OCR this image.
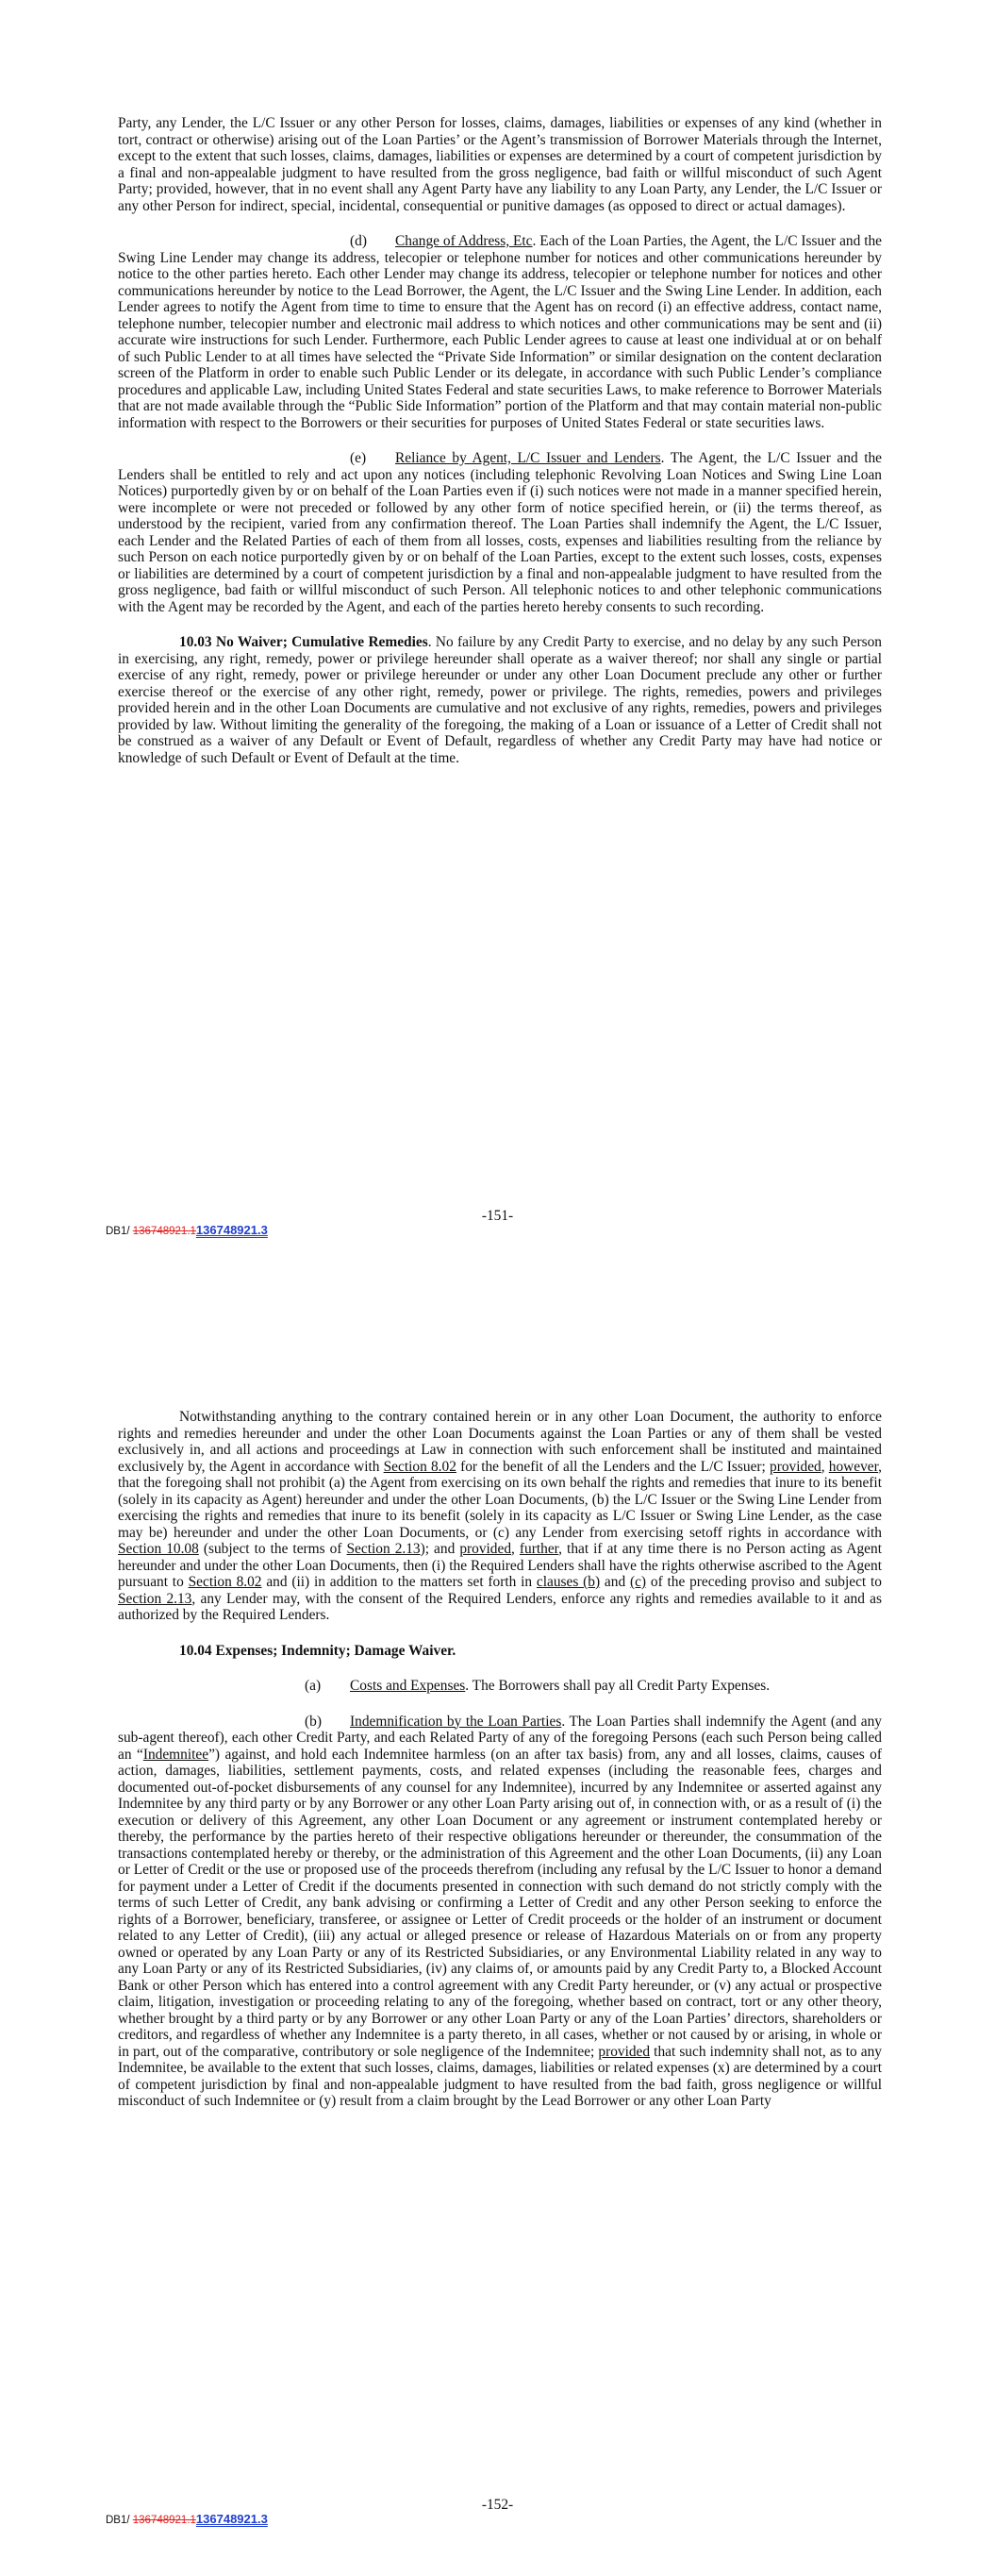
Party, any Lender, the L/C Issuer or any other Person for losses, claims, damages, liabilities or expenses of any kind (whether in tort, contract or otherwise) arising out of the Loan Parties’ or the Agent’s transmission of Borrower Materials through the Internet, except to the extent that such losses, claims, damages, liabilities or expenses are determined by a court of competent jurisdiction by a final and non-appealable judgment to have resulted from the gross negligence, bad faith or willful misconduct of such Agent Party; provided, however, that in no event shall any Agent Party have any liability to any Loan Party, any Lender, the L/C Issuer or any other Person for indirect, special, incidental, consequential or punitive damages (as opposed to direct or actual damages).

(d) Change of Address, Etc. Each of the Loan Parties, the Agent, the L/C Issuer and the Swing Line Lender may change its address, telecopier or telephone number for notices and other communications hereunder by notice to the other parties hereto. Each other Lender may change its address, telecopier or telephone number for notices and other communications hereunder by notice to the Lead Borrower, the Agent, the L/C Issuer and the Swing Line Lender. In addition, each Lender agrees to notify the Agent from time to time to ensure that the Agent has on record (i) an effective address, contact name, telephone number, telecopier number and electronic mail address to which notices and other communications may be sent and (ii) accurate wire instructions for such Lender. Furthermore, each Public Lender agrees to cause at least one individual at or on behalf of such Public Lender to at all times have selected the “Private Side Information” or similar designation on the content declaration screen of the Platform in order to enable such Public Lender or its delegate, in accordance with such Public Lender’s compliance procedures and applicable Law, including United States Federal and state securities Laws, to make reference to Borrower Materials that are not made available through the “Public Side Information” portion of the Platform and that may contain material non-public information with respect to the Borrowers or their securities for purposes of United States Federal or state securities laws.

(e) Reliance by Agent, L/C Issuer and Lenders. The Agent, the L/C Issuer and the Lenders shall be entitled to rely and act upon any notices (including telephonic Revolving Loan Notices and Swing Line Loan Notices) purportedly given by or on behalf of the Loan Parties even if (i) such notices were not made in a manner specified herein, were incomplete or were not preceded or followed by any other form of notice specified herein, or (ii) the terms thereof, as understood by the recipient, varied from any confirmation thereof. The Loan Parties shall indemnify the Agent, the L/C Issuer, each Lender and the Related Parties of each of them from all losses, costs, expenses and liabilities resulting from the reliance by such Person on each notice purportedly given by or on behalf of the Loan Parties, except to the extent such losses, costs, expenses or liabilities are determined by a court of competent jurisdiction by a final and non-appealable judgment to have resulted from the gross negligence, bad faith or willful misconduct of such Person. All telephonic notices to and other telephonic communications with the Agent may be recorded by the Agent, and each of the parties hereto hereby consents to such recording.

10.03 No Waiver; Cumulative Remedies. No failure by any Credit Party to exercise, and no delay by any such Person in exercising, any right, remedy, power or privilege hereunder shall operate as a waiver thereof; nor shall any single or partial exercise of any right, remedy, power or privilege hereunder or under any other Loan Document preclude any other or further exercise thereof or the exercise of any other right, remedy, power or privilege. The rights, remedies, powers and privileges provided herein and in the other Loan Documents are cumulative and not exclusive of any rights, remedies, powers and privileges provided by law. Without limiting the generality of the foregoing, the making of a Loan or issuance of a Letter of Credit shall not be construed as a waiver of any Default or Event of Default, regardless of whether any Credit Party may have had notice or knowledge of such Default or Event of Default at the time.

-151-
DB1/ 136748921.1136748921.3

Notwithstanding anything to the contrary contained herein or in any other Loan Document, the authority to enforce rights and remedies hereunder and under the other Loan Documents against the Loan Parties or any of them shall be vested exclusively in, and all actions and proceedings at Law in connection with such enforcement shall be instituted and maintained exclusively by, the Agent in accordance with Section 8.02 for the benefit of all the Lenders and the L/C Issuer; provided, however, that the foregoing shall not prohibit (a) the Agent from exercising on its own behalf the rights and remedies that inure to its benefit (solely in its capacity as Agent) hereunder and under the other Loan Documents, (b) the L/C Issuer or the Swing Line Lender from exercising the rights and remedies that inure to its benefit (solely in its capacity as L/C Issuer or Swing Line Lender, as the case may be) hereunder and under the other Loan Documents, or (c) any Lender from exercising setoff rights in accordance with Section 10.08 (subject to the terms of Section 2.13); and provided, further, that if at any time there is no Person acting as Agent hereunder and under the other Loan Documents, then (i) the Required Lenders shall have the rights otherwise ascribed to the Agent pursuant to Section 8.02 and (ii) in addition to the matters set forth in clauses (b) and (c) of the preceding proviso and subject to Section 2.13, any Lender may, with the consent of the Required Lenders, enforce any rights and remedies available to it and as authorized by the Required Lenders.

10.04 Expenses; Indemnity; Damage Waiver.

(a) Costs and Expenses. The Borrowers shall pay all Credit Party Expenses.

(b) Indemnification by the Loan Parties. The Loan Parties shall indemnify the Agent (and any sub-agent thereof), each other Credit Party, and each Related Party of any of the foregoing Persons (each such Person being called an “Indemnitee”) against, and hold each Indemnitee harmless (on an after tax basis) from, any and all losses, claims, causes of action, damages, liabilities, settlement payments, costs, and related expenses (including the reasonable fees, charges and documented out-of-pocket disbursements of any counsel for any Indemnitee), incurred by any Indemnitee or asserted against any Indemnitee by any third party or by any Borrower or any other Loan Party arising out of, in connection with, or as a result of (i) the execution or delivery of this Agreement, any other Loan Document or any agreement or instrument contemplated hereby or thereby, the performance by the parties hereto of their respective obligations hereunder or thereunder, the consummation of the transactions contemplated hereby or thereby, or the administration of this Agreement and the other Loan Documents, (ii) any Loan or Letter of Credit or the use or proposed use of the proceeds therefrom (including any refusal by the L/C Issuer to honor a demand for payment under a Letter of Credit if the documents presented in connection with such demand do not strictly comply with the terms of such Letter of Credit, any bank advising or confirming a Letter of Credit and any other Person seeking to enforce the rights of a Borrower, beneficiary, transferee, or assignee or Letter of Credit proceeds or the holder of an instrument or document related to any Letter of Credit), (iii) any actual or alleged presence or release of Hazardous Materials on or from any property owned or operated by any Loan Party or any of its Restricted Subsidiaries, or any Environmental Liability related in any way to any Loan Party or any of its Restricted Subsidiaries, (iv) any claims of, or amounts paid by any Credit Party to, a Blocked Account Bank or other Person which has entered into a control agreement with any Credit Party hereunder, or (v) any actual or prospective claim, litigation, investigation or proceeding relating to any of the foregoing, whether based on contract, tort or any other theory, whether brought by a third party or by any Borrower or any other Loan Party or any of the Loan Parties’ directors, shareholders or creditors, and regardless of whether any Indemnitee is a party thereto, in all cases, whether or not caused by or arising, in whole or in part, out of the comparative, contributory or sole negligence of the Indemnitee; provided that such indemnity shall not, as to any Indemnitee, be available to the extent that such losses, claims, damages, liabilities or related expenses (x) are determined by a court of competent jurisdiction by final and non-appealable judgment to have resulted from the bad faith, gross negligence or willful misconduct of such Indemnitee or (y) result from a claim brought by the Lead Borrower or any other Loan Party

-152-
DB1/ 136748921.1136748921.3
